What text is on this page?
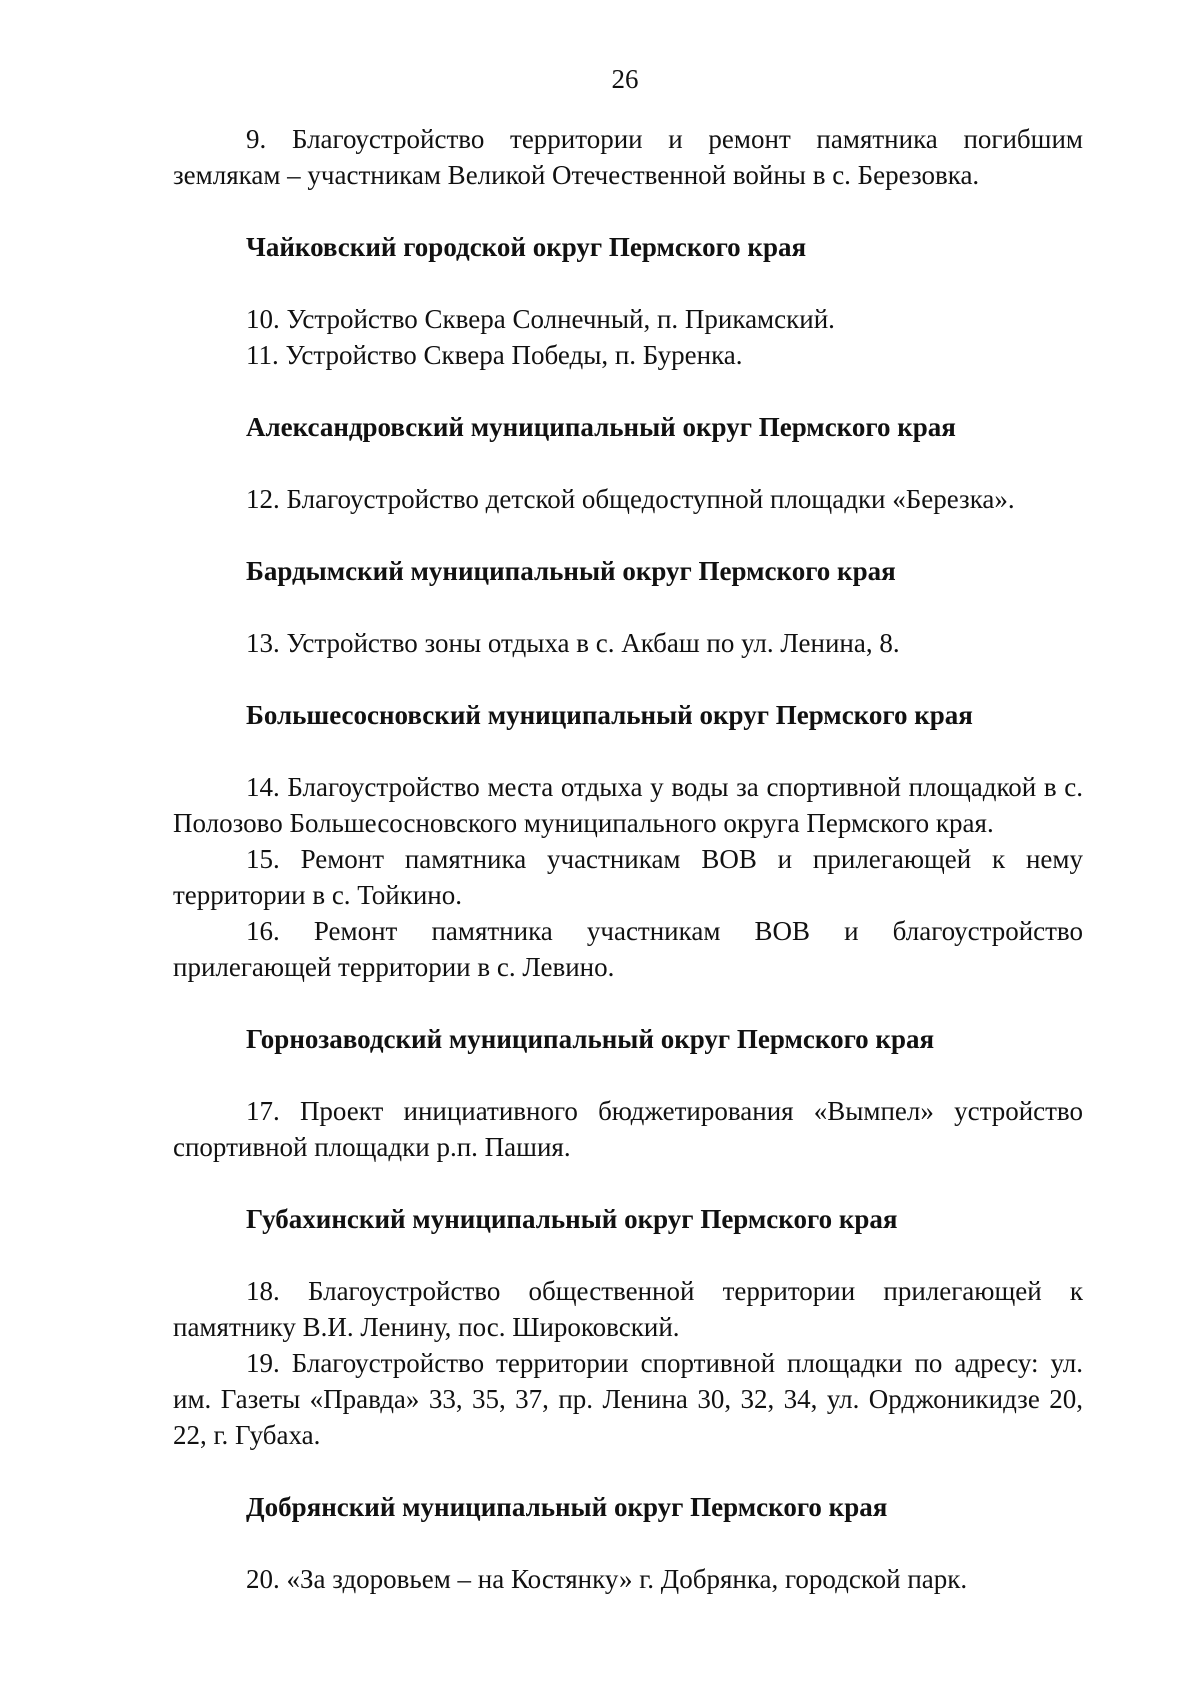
26

9. Благоустройство территории и ремонт памятника погибшим землякам – участникам Великой Отечественной войны в с. Березовка.

Чайковский городской округ Пермского края

10. Устройство Сквера Солнечный, п. Прикамский.

11. Устройство Сквера Победы, п. Буренка.

Александровский муниципальный округ Пермского края

12. Благоустройство детской общедоступной площадки «Березка».

Бардымский муниципальный округ Пермского края

13. Устройство зоны отдыха в с. Акбаш по ул. Ленина, 8.

Большесосновский муниципальный округ Пермского края

14. Благоустройство места отдыха у воды за спортивной площадкой в с. Полозово Большесосновского муниципального округа Пермского края.

15. Ремонт памятника участникам ВОВ и прилегающей к нему территории в с. Тойкино.

16. Ремонт памятника участникам ВОВ и благоустройство прилегающей территории в с. Левино.

Горнозаводский муниципальный округ Пермского края

17. Проект инициативного бюджетирования «Вымпел» устройство спортивной площадки р.п. Пашия.

Губахинский муниципальный округ Пермского края

18. Благоустройство общественной территории прилегающей к памятнику В.И. Ленину, пос. Широковский.

19. Благоустройство территории спортивной площадки по адресу: ул. им. Газеты «Правда» 33, 35, 37, пр. Ленина 30, 32, 34, ул. Орджоникидзе 20, 22, г. Губаха.

Добрянский муниципальный округ Пермского края

20. «За здоровьем – на Костянку» г. Добрянка, городской парк.
